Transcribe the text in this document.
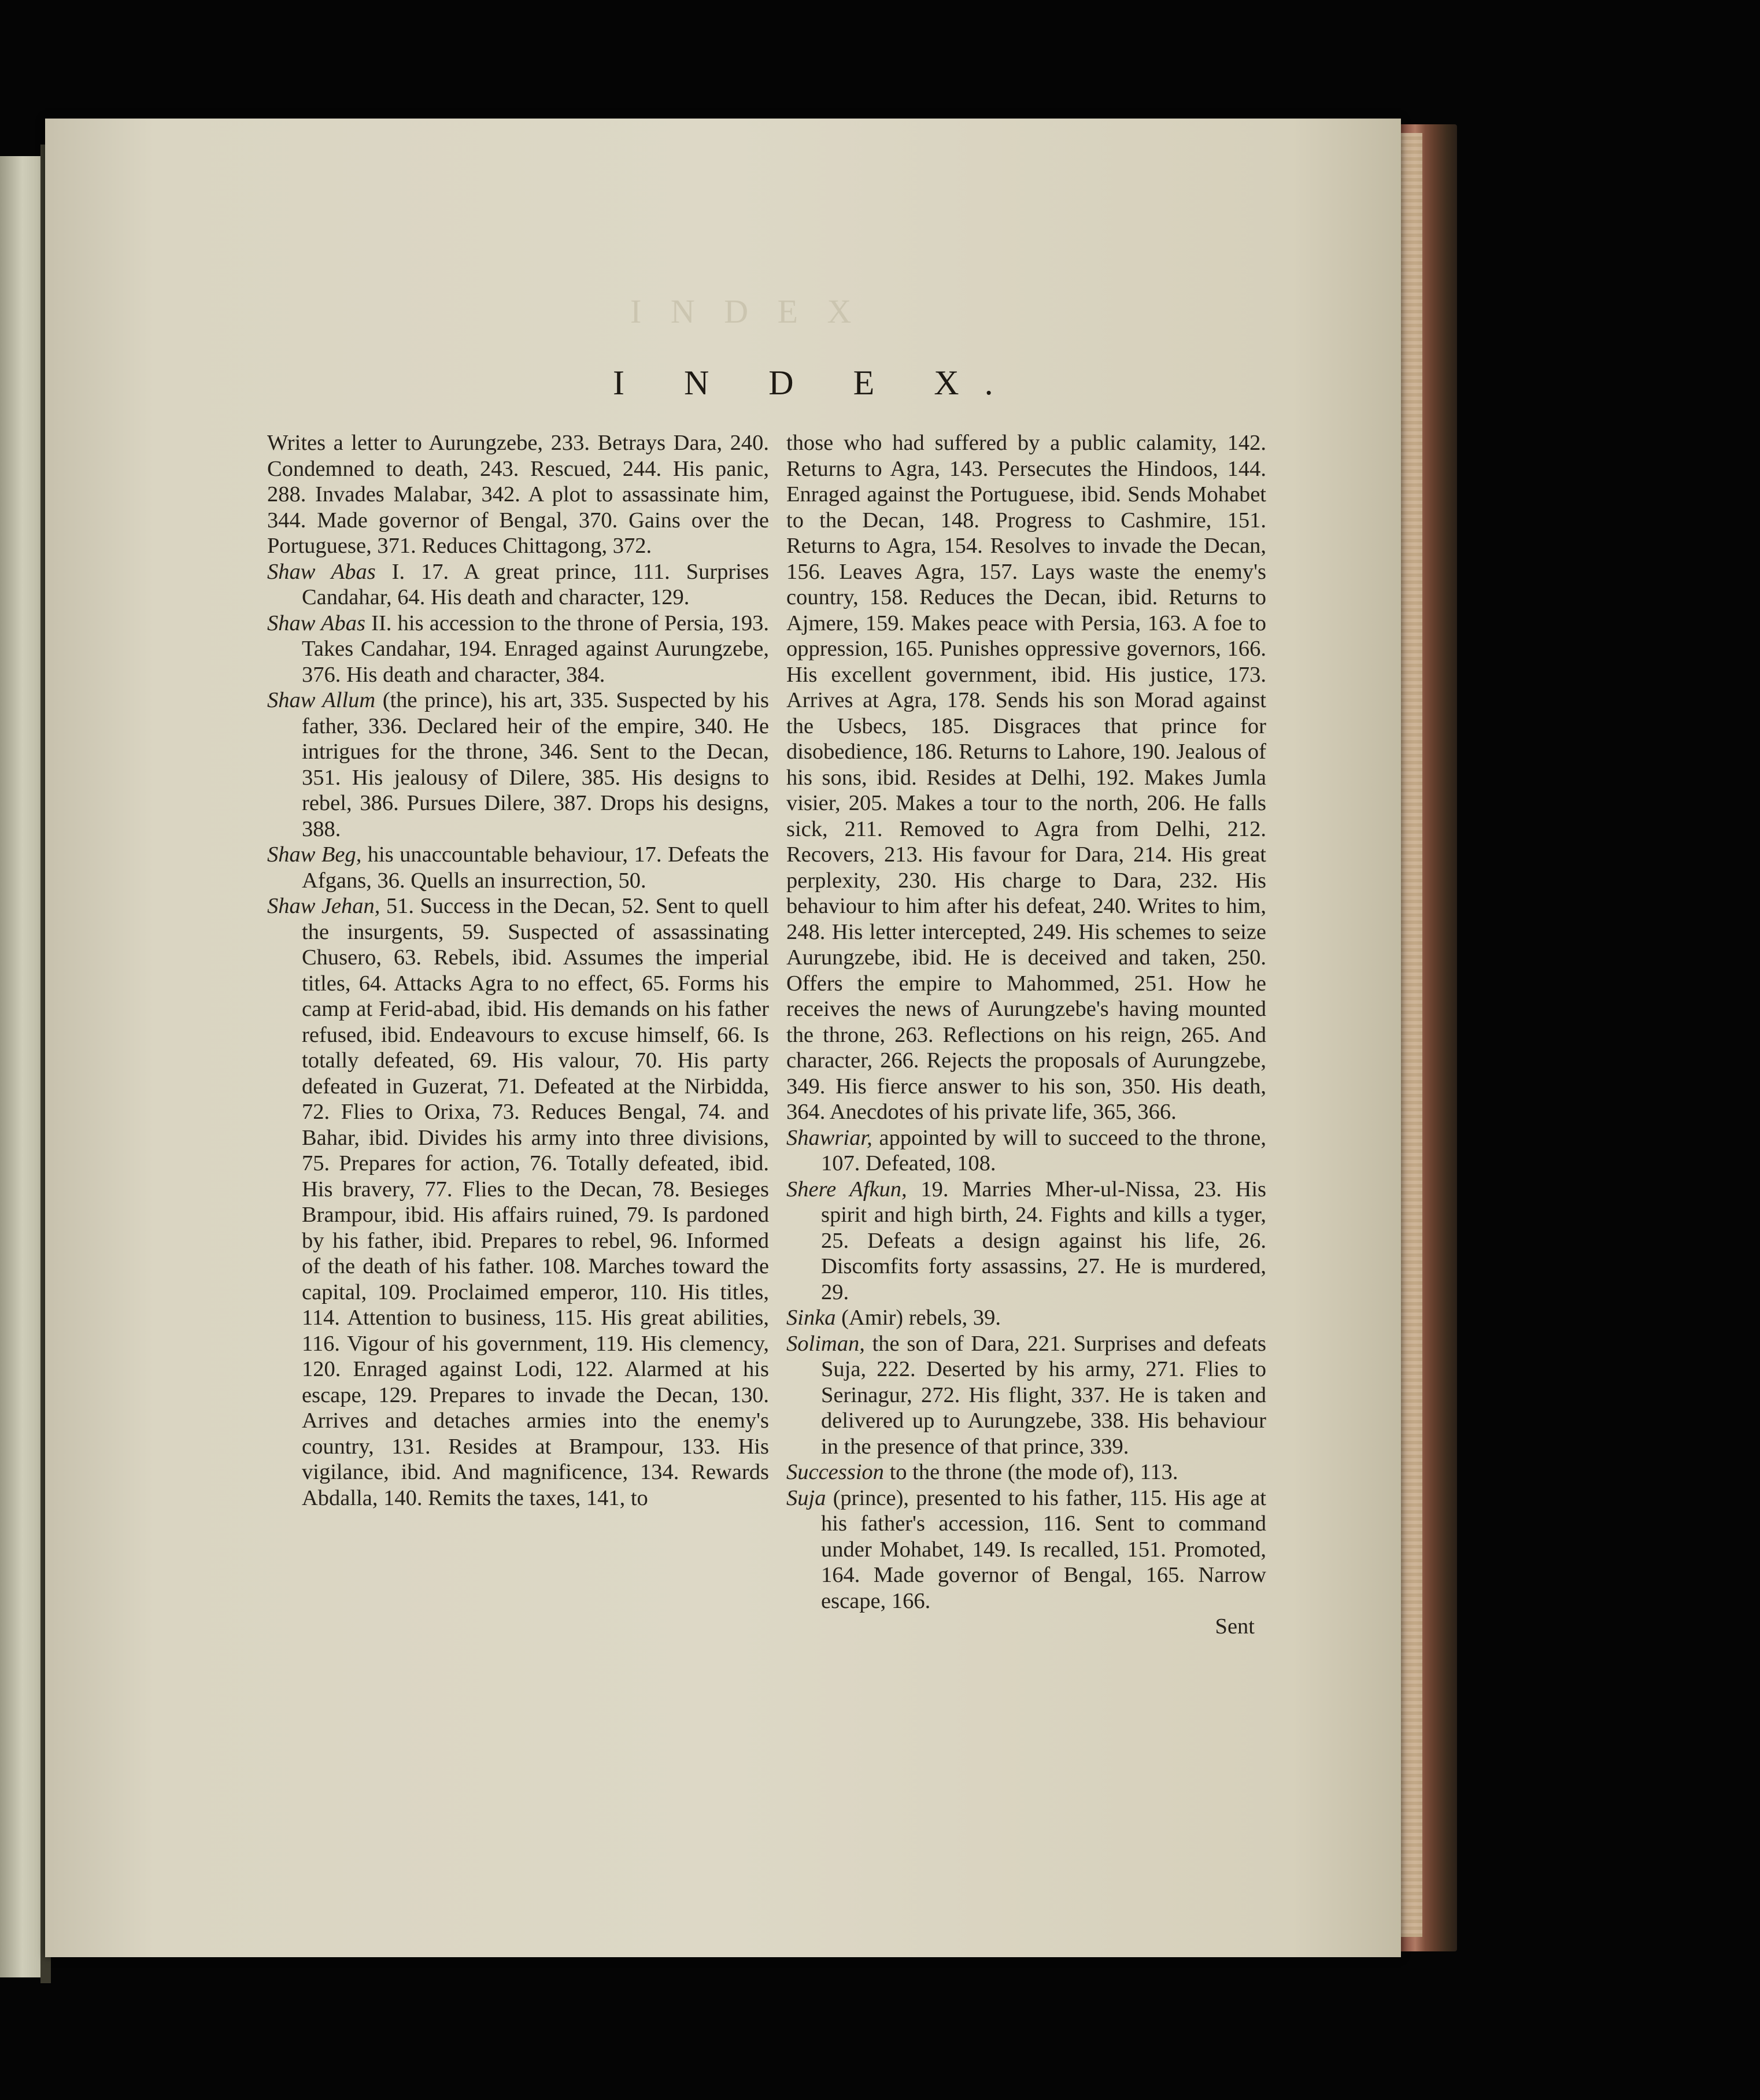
I N D E X
I N D E X.

Writes a letter to Aurungzebe, 233. Betrays Dara, 240. Condemned to death, 243. Rescued, 244. His panic, 288. Invades Malabar, 342. A plot to assassinate him, 344. Made governor of Bengal, 370. Gains over the Portuguese, 371. Reduces Chittagong, 372.

Shaw Abas I. 17. A great prince, 111. Surprises Candahar, 64. His death and character, 129.

Shaw Abas II. his accession to the throne of Persia, 193. Takes Candahar, 194. Enraged against Aurungzebe, 376. His death and character, 384.

Shaw Allum (the prince), his art, 335. Suspected by his father, 336. Declared heir of the empire, 340. He intrigues for the throne, 346. Sent to the Decan, 351. His jealousy of Dilere, 385. His designs to rebel, 386. Pursues Dilere, 387. Drops his designs, 388.

Shaw Beg, his unaccountable behaviour, 17. Defeats the Afgans, 36. Quells an insurrection, 50.

Shaw Jehan, 51. Success in the Decan, 52. Sent to quell the insurgents, 59. Suspected of assassinating Chusero, 63. Rebels, ibid. Assumes the imperial titles, 64. Attacks Agra to no effect, 65. Forms his camp at Ferid-abad, ibid. His demands on his father refused, ibid. Endeavours to excuse himself, 66. Is totally defeated, 69. His valour, 70. His party defeated in Guzerat, 71. Defeated at the Nirbidda, 72. Flies to Orixa, 73. Reduces Bengal, 74. and Bahar, ibid. Divides his army into three divisions, 75. Prepares for action, 76. Totally defeated, ibid. His bravery, 77. Flies to the Decan, 78. Besieges Brampour, ibid. His affairs ruined, 79. Is pardoned by his father, ibid. Prepares to rebel, 96. Informed of the death of his father. 108. Marches toward the capital, 109. Proclaimed emperor, 110. His titles, 114. Attention to business, 115. His great abilities, 116. Vigour of his government, 119. His clemency, 120. Enraged against Lodi, 122. Alarmed at his escape, 129. Prepares to invade the Decan, 130. Arrives and detaches armies into the enemy's country, 131. Resides at Brampour, 133. His vigilance, ibid. And magnificence, 134. Rewards Abdalla, 140. Remits the taxes, 141, to

those who had suffered by a public calamity, 142. Returns to Agra, 143. Persecutes the Hindoos, 144. Enraged against the Portuguese, ibid. Sends Mohabet to the Decan, 148. Progress to Cashmire, 151. Returns to Agra, 154. Resolves to invade the Decan, 156. Leaves Agra, 157. Lays waste the enemy's country, 158. Reduces the Decan, ibid. Returns to Ajmere, 159. Makes peace with Persia, 163. A foe to oppression, 165. Punishes oppressive governors, 166. His excellent government, ibid. His justice, 173. Arrives at Agra, 178. Sends his son Morad against the Usbecs, 185. Disgraces that prince for disobedience, 186. Returns to Lahore, 190. Jealous of his sons, ibid. Resides at Delhi, 192. Makes Jumla visier, 205. Makes a tour to the north, 206. He falls sick, 211. Removed to Agra from Delhi, 212. Recovers, 213. His favour for Dara, 214. His great perplexity, 230. His charge to Dara, 232. His behaviour to him after his defeat, 240. Writes to him, 248. His letter intercepted, 249. His schemes to seize Aurungzebe, ibid. He is deceived and taken, 250. Offers the empire to Mahommed, 251. How he receives the news of Aurungzebe's having mounted the throne, 263. Reflections on his reign, 265. And character, 266. Rejects the proposals of Aurungzebe, 349. His fierce answer to his son, 350. His death, 364. Anecdotes of his private life, 365, 366.

Shawriar, appointed by will to succeed to the throne, 107. Defeated, 108.

Shere Afkun, 19. Marries Mher-ul-Nissa, 23. His spirit and high birth, 24. Fights and kills a tyger, 25. Defeats a design against his life, 26. Discomfits forty assassins, 27. He is murdered, 29.

Sinka (Amir) rebels, 39.

Soliman, the son of Dara, 221. Surprises and defeats Suja, 222. Deserted by his army, 271. Flies to Serinagur, 272. His flight, 337. He is taken and delivered up to Aurungzebe, 338. His behaviour in the presence of that prince, 339.

Succession to the throne (the mode of), 113.

Suja (prince), presented to his father, 115. His age at his father's accession, 116. Sent to command under Mohabet, 149. Is recalled, 151. Promoted, 164. Made governor of Bengal, 165. Narrow escape, 166.

Sent
